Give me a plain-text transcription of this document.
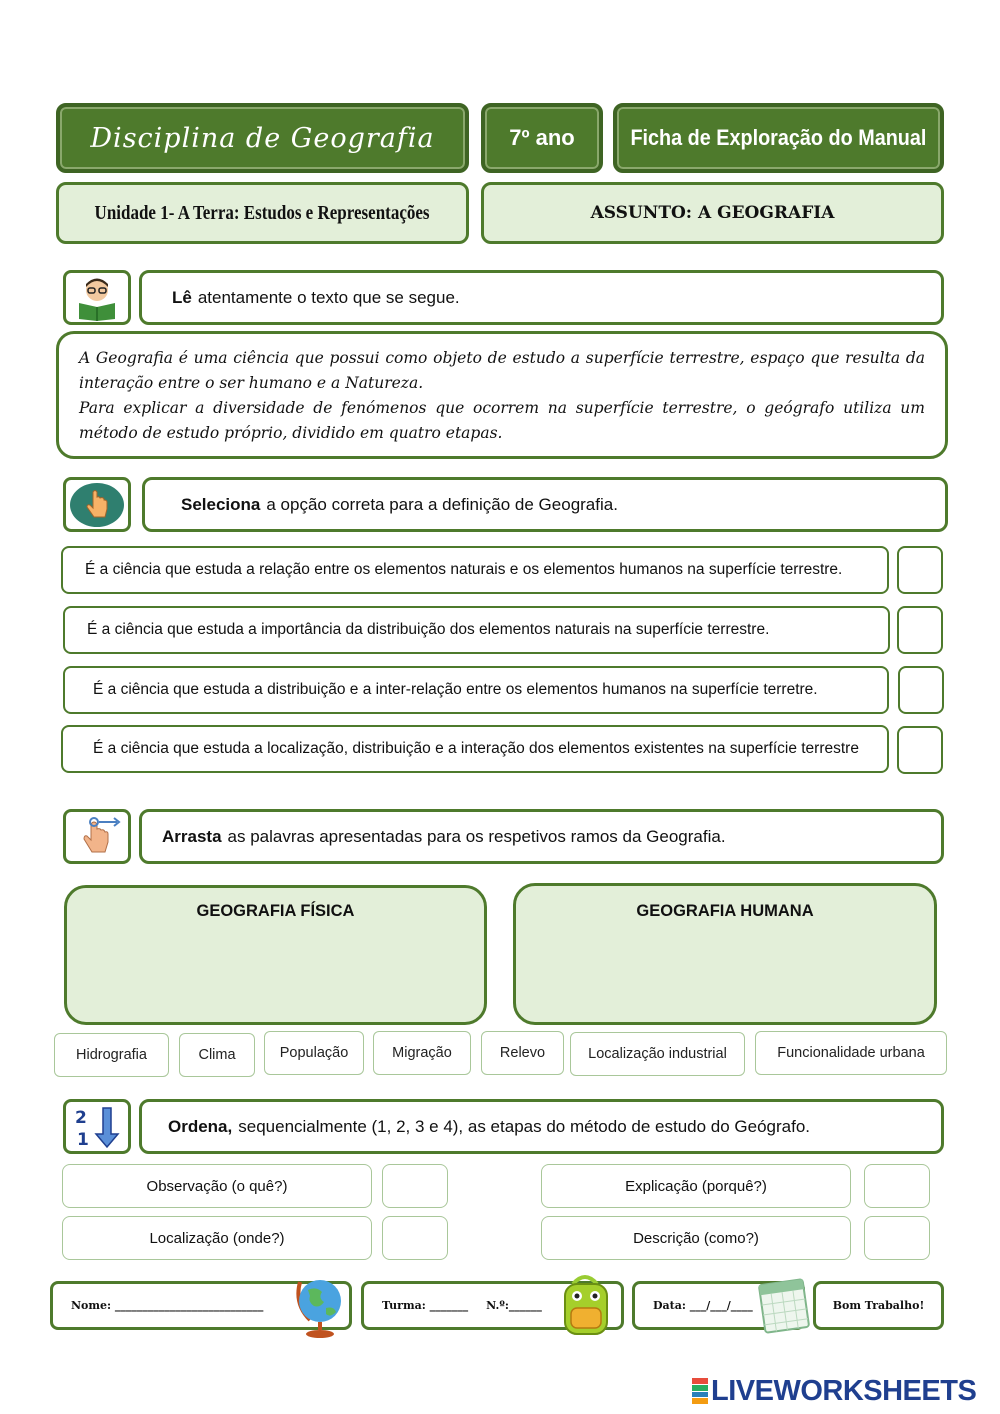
Disciplina de Geografia	7º ano	Ficha de Exploração do Manual
Unidade 1- A Terra: Estudos e Representações	ASSUNTO: A GEOGRAFIA
Lê atentamente o texto que se segue.

A Geografia é uma ciência que possui como objeto de estudo a superfície terrestre, espaço que resulta da interação entre o ser humano e a Natureza.

Para explicar a diversidade de fenómenos que ocorrem na superfície terrestre, o geógrafo utiliza um método de estudo próprio, dividido em quatro etapas.

Seleciona a opção correta para a definição de Geografia.
É a ciência que estuda a relação entre os elementos naturais e os elementos humanos na superfície terrestre.
É a ciência que estuda a importância da distribuição dos elementos naturais na superfície terrestre.
É a ciência que estuda a distribuição e a inter-relação entre os elementos humanos na superfície terretre.
É a ciência que estuda a localização, distribuição e a interação dos elementos existentes na superfície terrestre
Arrasta as palavras apresentadas para os respetivos ramos da Geografia.
GEOGRAFIA FÍSICA	GEOGRAFIA HUMANA
Hidrografia	Clima	População	Migração	Relevo	Localização industrial	Funcionalidade urbana
2
1
Ordena, sequencialmente (1, 2, 3 e 4), as etapas do método de estudo do Geógrafo.
Observação (o quê?)
Localização (onde?)
Explicação (porquê?)
Descrição (como?)
Nome: ___________________________	Turma: _______ N.º:______	Data: ___/___/____	Bom Trabalho!
LIVEWORKSHEETS
